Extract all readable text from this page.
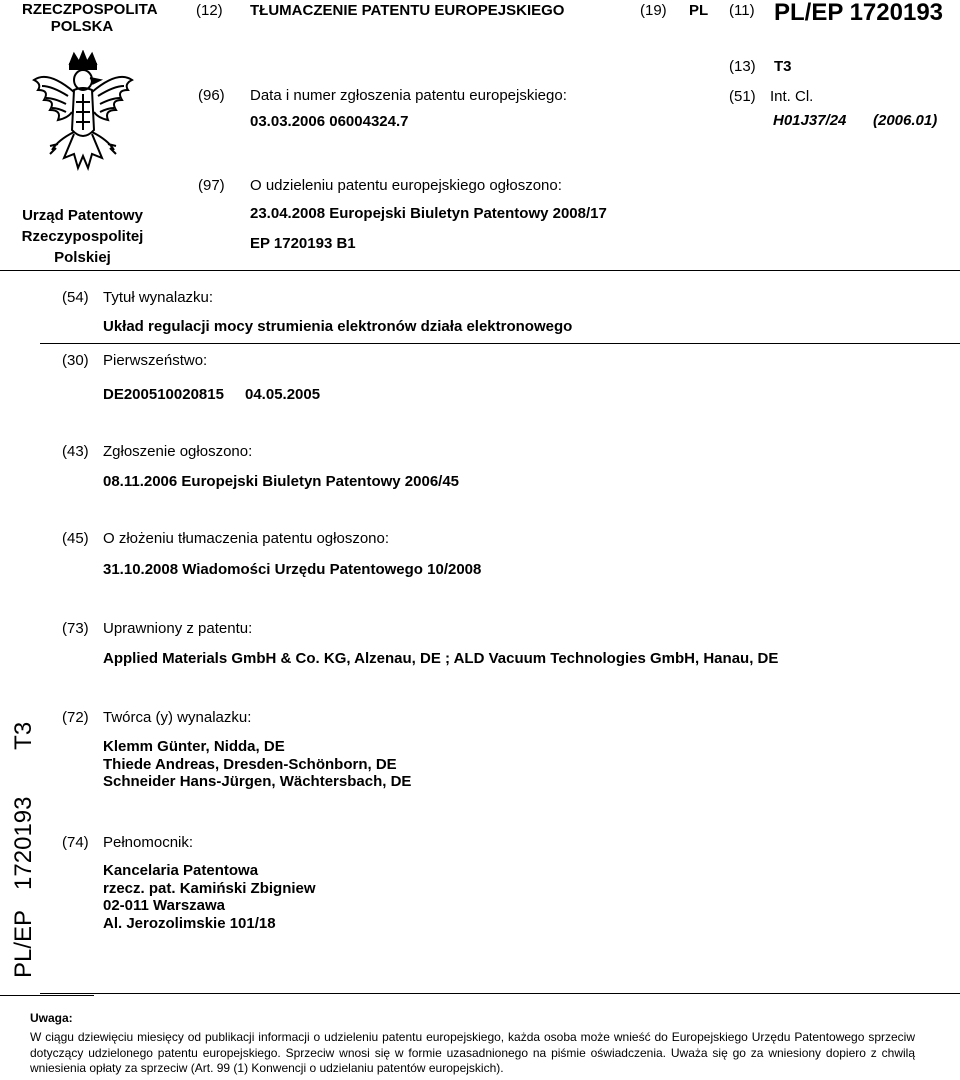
RZECZPOSPOLITA
POLSKA
(12) TŁUMACZENIE PATENTU EUROPEJSKIEGO	(19) PL (11) PL/EP 1720193
(13) T3
(51) Int. Cl.
H01J37/24 (2006.01)
Urząd Patentowy
Rzeczypospolitej
Polskiej
(96) Data i numer zgłoszenia patentu europejskiego:
03.03.2006 06004324.7
(97) O udzieleniu patentu europejskiego ogłoszono:
23.04.2008 Europejski Biuletyn Patentowy 2008/17
EP 1720193 B1
(54) Tytuł wynalazku:
Układ regulacji mocy strumienia elektronów działa elektronowego
(30) Pierwszeństwo:
DE200510020815 04.05.2005
(43) Zgłoszenie ogłoszono:
08.11.2006 Europejski Biuletyn Patentowy 2006/45
(45) O złożeniu tłumaczenia patentu ogłoszono:
31.10.2008 Wiadomości Urzędu Patentowego 10/2008
(73) Uprawniony z patentu:
Applied Materials GmbH & Co. KG, Alzenau, DE ; ALD Vacuum Technologies GmbH, Hanau, DE
(72) Twórca (y) wynalazku:
Klemm Günter, Nidda, DE
Thiede Andreas, Dresden-Schönborn, DE
Schneider Hans-Jürgen, Wächtersbach, DE
(74) Pełnomocnik:
Kancelaria Patentowa
rzecz. pat. Kamiński Zbigniew
02-011 Warszawa
Al. Jerozolimskie 101/18
PL/EP   1720193       T3
Uwaga:
W ciągu dziewięciu miesięcy od publikacji informacji o udzieleniu patentu europejskiego, każda osoba może wnieść do Europejskiego Urzędu Patentowego sprzeciw dotyczący udzielonego patentu europejskiego. Sprzeciw wnosi się w formie uzasadnionego na piśmie oświadczenia. Uważa się go za wniesiony dopiero z chwilą wniesienia opłaty za sprzeciw (Art. 99 (1) Konwencji o udzielaniu patentów europejskich).
